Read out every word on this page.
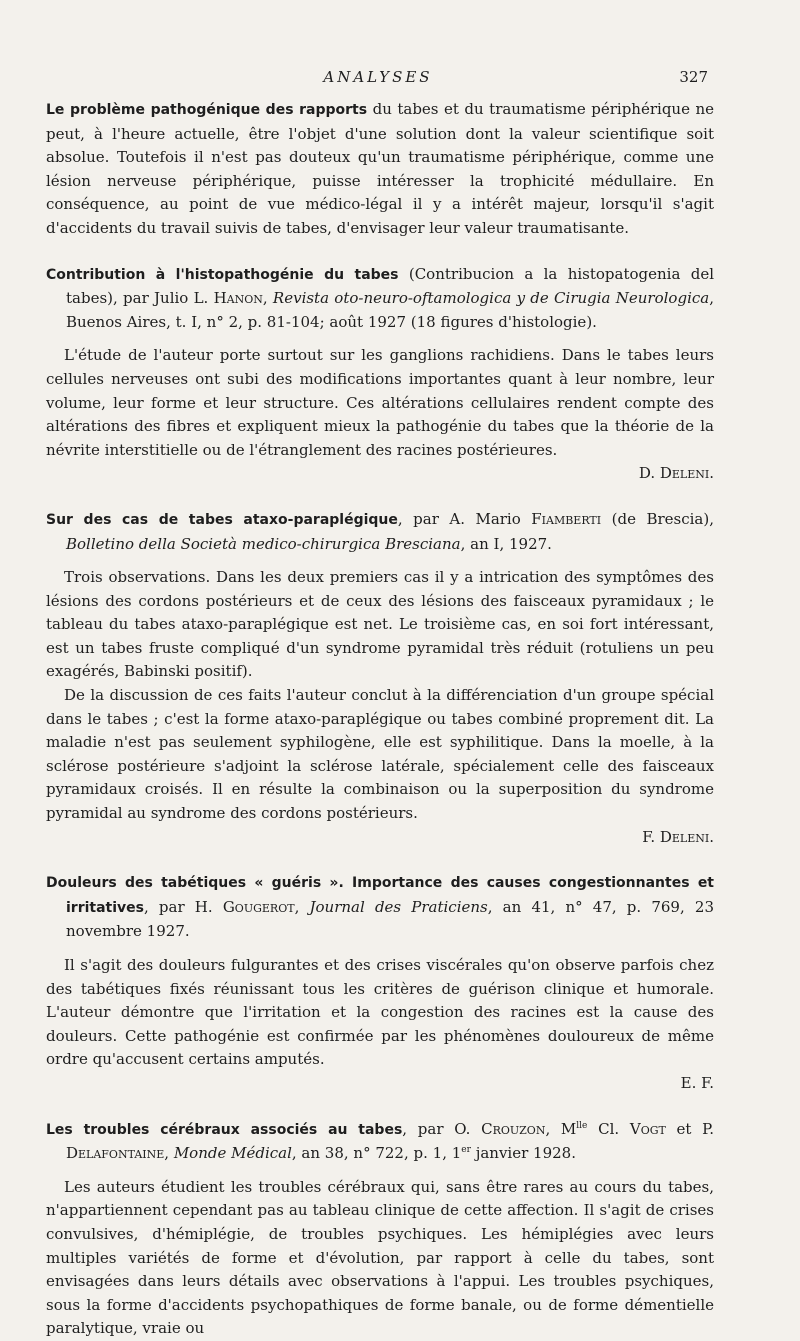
ANALYSES	327

Le problème pathogénique des rapports du tabes et du traumatisme périphérique ne peut, à l'heure actuelle, être l'objet d'une solution dont la valeur scientifique soit absolue. Toutefois il n'est pas douteux qu'un traumatisme périphérique, comme une lésion nerveuse périphérique, puisse intéresser la trophicité médullaire. En conséquence, au point de vue médico-légal il y a intérêt majeur, lorsqu'il s'agit d'accidents du travail suivis de tabes, d'envisager leur valeur traumatisante.

Contribution à l'histopathogénie du tabes (Contribucion a la histopatogenia del tabes), par Julio L. Hanon, Revista oto-neuro-oftamologica y de Cirugia Neurologica, Buenos Aires, t. I, n° 2, p. 81-104; août 1927 (18 figures d'histologie).

L'étude de l'auteur porte surtout sur les ganglions rachidiens. Dans le tabes leurs cellules nerveuses ont subi des modifications importantes quant à leur nombre, leur volume, leur forme et leur structure. Ces altérations cellulaires rendent compte des altérations des fibres et expliquent mieux la pathogénie du tabes que la théorie de la névrite interstitielle ou de l'étranglement des racines postérieures.

D. Deleni.

Sur des cas de tabes ataxo-paraplégique, par A. Mario Fiamberti (de Brescia), Bolletino della Società medico-chirurgica Bresciana, an I, 1927.

Trois observations. Dans les deux premiers cas il y a intrication des symptômes des lésions des cordons postérieurs et de ceux des lésions des faisceaux pyramidaux ; le tableau du tabes ataxo-paraplégique est net. Le troisième cas, en soi fort intéressant, est un tabes fruste compliqué d'un syndrome pyramidal très réduit (rotuliens un peu exagérés, Babinski positif).

De la discussion de ces faits l'auteur conclut à la différenciation d'un groupe spécial dans le tabes ; c'est la forme ataxo-paraplégique ou tabes combiné proprement dit. La maladie n'est pas seulement syphilogène, elle est syphilitique. Dans la moelle, à la sclérose postérieure s'adjoint la sclérose latérale, spécialement celle des faisceaux pyramidaux croisés. Il en résulte la combinaison ou la superposition du syndrome pyramidal au syndrome des cordons postérieurs.

F. Deleni.

Douleurs des tabétiques « guéris ». Importance des causes congestionnantes et irritatives, par H. Gougerot, Journal des Praticiens, an 41, n° 47, p. 769, 23 novembre 1927.

Il s'agit des douleurs fulgurantes et des crises viscérales qu'on observe parfois chez des tabétiques fixés réunissant tous les critères de guérison clinique et humorale. L'auteur démontre que l'irritation et la congestion des racines est la cause des douleurs. Cette pathogénie est confirmée par les phénomènes douloureux de même ordre qu'accusent certains amputés.

E. F.

Les troubles cérébraux associés au tabes, par O. Crouzon, $M^{lle}$ Cl. Vogt et P. Delafontaine, Monde Médical, an 38, n° 722, p. 1, 1er janvier 1928.

Les auteurs étudient les troubles cérébraux qui, sans être rares au cours du tabes, n'appartiennent cependant pas au tableau clinique de cette affection. Il s'agit de crises convulsives, d'hémiplégie, de troubles psychiques. Les hémiplégies avec leurs multiples variétés de forme et d'évolution, par rapport à celle du tabes, sont envisagées dans leurs détails avec observations à l'appui. Les troubles psychiques, sous la forme d'accidents psychopathiques de forme banale, ou de forme démentielle paralytique, vraie ou
